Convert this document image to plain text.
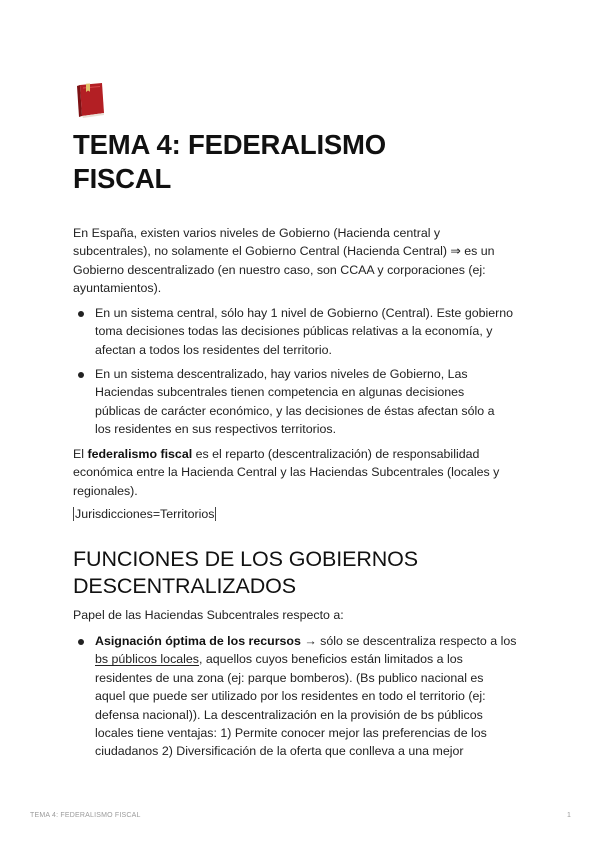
TEMA 4: FEDERALISMO
FISCAL

En España, existen varios niveles de Gobierno (Hacienda central y
subcentrales), no solamente el Gobierno Central (Hacienda Central) ⇒ es un
Gobierno descentralizado (en nuestro caso, son CCAA y corporaciones (ej:
ayuntamientos).

En un sistema central, sólo hay 1 nivel de Gobierno (Central). Este gobierno
toma decisiones todas las decisiones públicas relativas a la economía, y
afectan a todos los residentes del territorio.

En un sistema descentralizado, hay varios niveles de Gobierno, Las
Haciendas subcentrales tienen competencia en algunas decisiones
públicas de carácter económico, y las decisiones de éstas afectan sólo a
los residentes en sus respectivos territorios.

El federalismo fiscal es el reparto (descentralización) de responsabilidad
económica entre la Hacienda Central y las Haciendas Subcentrales (locales y
regionales).

Jurisdicciones=Territorios

FUNCIONES DE LOS GOBIERNOS
DESCENTRALIZADOS

Papel de las Haciendas Subcentrales respecto a:

Asignación óptima de los recursos → sólo se descentraliza respecto a los
bs públicos locales, aquellos cuyos beneficios están limitados a los
residentes de una zona (ej: parque bomberos). (Bs publico nacional es
aquel que puede ser utilizado por los residentes en todo el territorio (ej:
defensa nacional)). La descentralización en la provisión de bs públicos
locales tiene ventajas: 1) Permite conocer mejor las preferencias de los
ciudadanos 2) Diversificación de la oferta que conlleva a una mejor

TEMA 4: FEDERALISMO FISCAL	1
